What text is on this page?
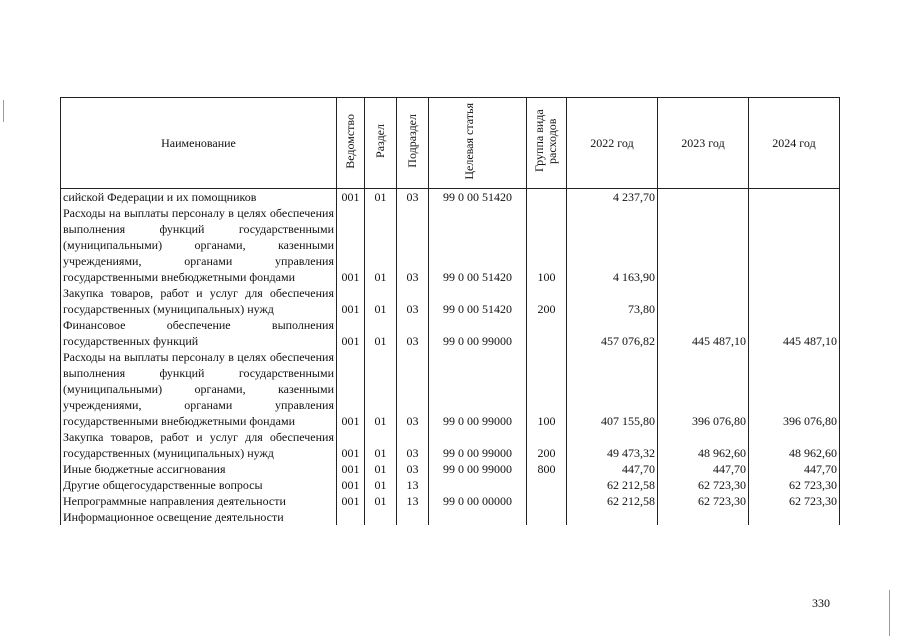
Наименование	Ведомство	Раздел	Подраздел	Целевая статья	Группа вида расходов	2022 год	2023 год	2024 год
сийской Федерации и их помощников	001	01	03	99 0 00 51420		4 237,70		
Расходы на выплаты персоналу в целях обеспечения выполнения функций государственными (муниципальными) органами, казенными учреждениями, органами управления государственными внебюджетными фондами	001	01	03	99 0 00 51420	100	4 163,90		
Закупка товаров, работ и услуг для обеспечения государственных (муниципальных) нужд	001	01	03	99 0 00 51420	200	73,80		
Финансовое обеспечение выполнения государственных функций	001	01	03	99 0 00 99000		457 076,82	445 487,10	445 487,10
Расходы на выплаты персоналу в целях обеспечения выполнения функций государственными (муниципальными) органами, казенными учреждениями, органами управления государственными внебюджетными фондами	001	01	03	99 0 00 99000	100	407 155,80	396 076,80	396 076,80
Закупка товаров, работ и услуг для обеспечения государственных (муниципальных) нужд	001	01	03	99 0 00 99000	200	49 473,32	48 962,60	48 962,60
Иные бюджетные ассигнования	001	01	03	99 0 00 99000	800	447,70	447,70	447,70
Другие общегосударственные вопросы	001	01	13			62 212,58	62 723,30	62 723,30
Непрограммные направления деятельности	001	01	13	99 0 00 00000		62 212,58	62 723,30	62 723,30
Информационное освещение деятельности								
330
